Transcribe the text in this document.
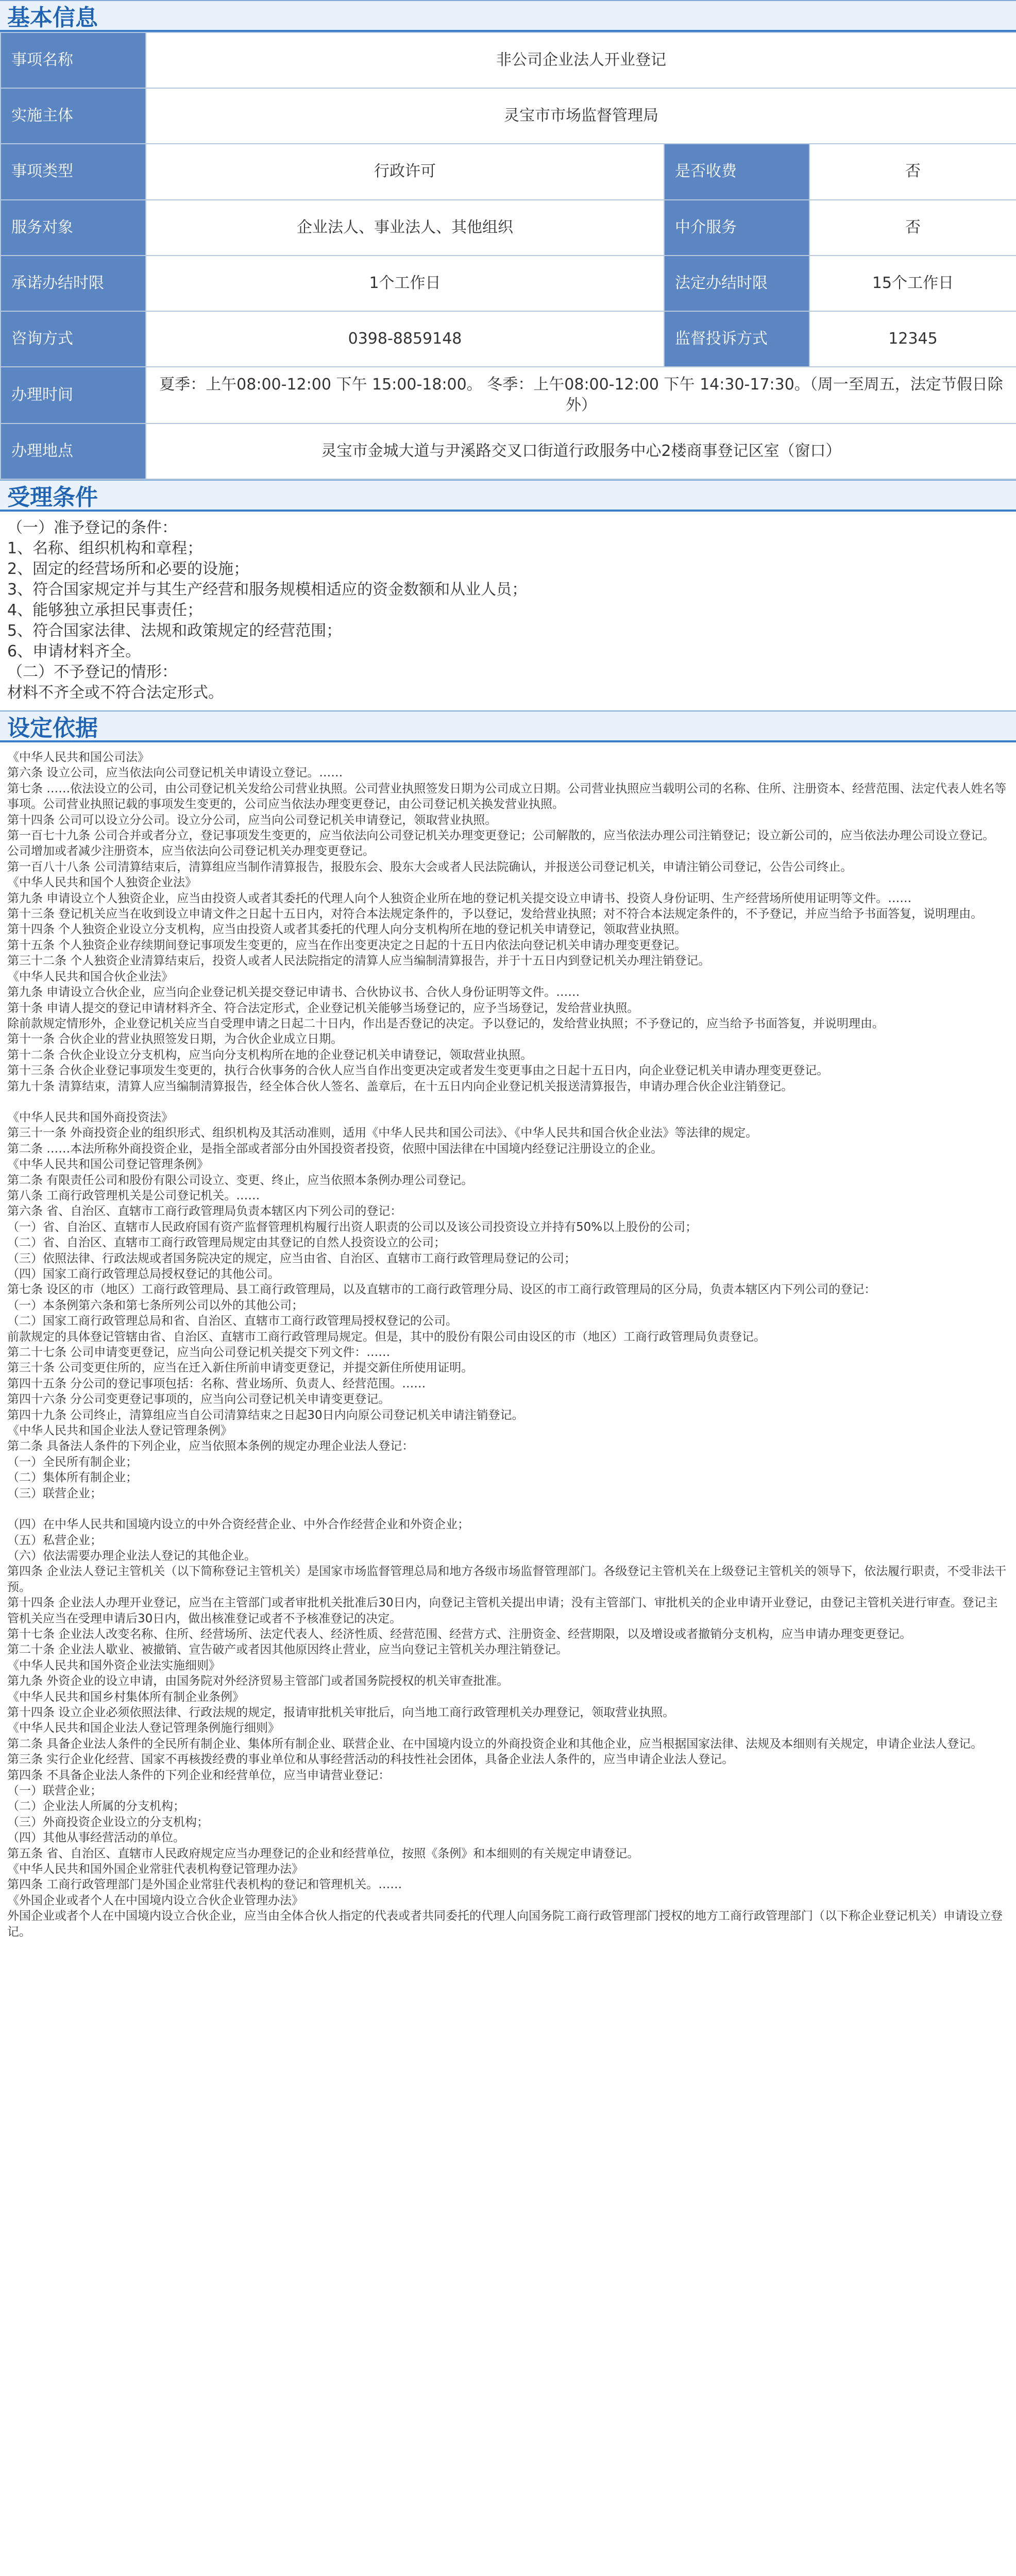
基本信息
事项名称	非公司企业法人开业登记		
实施主体	灵宝市市场监督管理局		
事项类型	行政许可	是否收费	否
服务对象	企业法人、事业法人、其他组织	中介服务	否
承诺办结时限	1个工作日	法定办结时限	15个工作日
咨询方式	0398-8859148	监督投诉方式	12345
办理时间	夏季：上午08:00-12:00 下午 15:00-18:00。 冬季：上午08:00-12:00 下午 14:30-17:30。（周一至周五，法定节假日除外）		
办理地点	灵宝市金城大道与尹溪路交叉口街道行政服务中心2楼商事登记区室（窗口）		
受理条件

（一）准予登记的条件：

1、名称、组织机构和章程；

2、固定的经营场所和必要的设施；

3、符合国家规定并与其生产经营和服务规模相适应的资金数额和从业人员；

4、能够独立承担民事责任；

5、符合国家法律、法规和政策规定的经营范围；

6、申请材料齐全。

（二）不予登记的情形：

材料不齐全或不符合法定形式。

设定依据

《中华人民共和国公司法》

第六条 设立公司，应当依法向公司登记机关申请设立登记。……

第七条 ……依法设立的公司，由公司登记机关发给公司营业执照。公司营业执照签发日期为公司成立日期。公司营业执照应当载明公司的名称、住所、注册资本、经营范围、法定代表人姓名等事项。公司营业执照记载的事项发生变更的，公司应当依法办理变更登记，由公司登记机关换发营业执照。

第十四条 公司可以设立分公司。设立分公司，应当向公司登记机关申请登记，领取营业执照。

第一百七十九条 公司合并或者分立，登记事项发生变更的，应当依法向公司登记机关办理变更登记；公司解散的，应当依法办理公司注销登记；设立新公司的，应当依法办理公司设立登记。

公司增加或者减少注册资本，应当依法向公司登记机关办理变更登记。

第一百八十八条 公司清算结束后，清算组应当制作清算报告，报股东会、股东大会或者人民法院确认，并报送公司登记机关，申请注销公司登记，公告公司终止。

《中华人民共和国个人独资企业法》

第九条 申请设立个人独资企业，应当由投资人或者其委托的代理人向个人独资企业所在地的登记机关提交设立申请书、投资人身份证明、生产经营场所使用证明等文件。……

第十三条 登记机关应当在收到设立申请文件之日起十五日内，对符合本法规定条件的，予以登记，发给营业执照；对不符合本法规定条件的，不予登记，并应当给予书面答复，说明理由。

第十四条 个人独资企业设立分支机构，应当由投资人或者其委托的代理人向分支机构所在地的登记机关申请登记，领取营业执照。

第十五条 个人独资企业存续期间登记事项发生变更的，应当在作出变更决定之日起的十五日内依法向登记机关申请办理变更登记。

第三十二条 个人独资企业清算结束后，投资人或者人民法院指定的清算人应当编制清算报告，并于十五日内到登记机关办理注销登记。

《中华人民共和国合伙企业法》

第九条 申请设立合伙企业，应当向企业登记机关提交登记申请书、合伙协议书、合伙人身份证明等文件。……

第十条 申请人提交的登记申请材料齐全、符合法定形式，企业登记机关能够当场登记的，应予当场登记，发给营业执照。

除前款规定情形外，企业登记机关应当自受理申请之日起二十日内，作出是否登记的决定。予以登记的，发给营业执照；不予登记的，应当给予书面答复，并说明理由。

第十一条 合伙企业的营业执照签发日期，为合伙企业成立日期。

第十二条 合伙企业设立分支机构，应当向分支机构所在地的企业登记机关申请登记，领取营业执照。

第十三条 合伙企业登记事项发生变更的，执行合伙事务的合伙人应当自作出变更决定或者发生变更事由之日起十五日内，向企业登记机关申请办理变更登记。

第九十条 清算结束，清算人应当编制清算报告，经全体合伙人签名、盖章后，在十五日内向企业登记机关报送清算报告，申请办理合伙企业注销登记。

《中华人民共和国外商投资法》

第三十一条 外商投资企业的组织形式、组织机构及其活动准则，适用《中华人民共和国公司法》、《中华人民共和国合伙企业法》等法律的规定。

第二条 ……本法所称外商投资企业，是指全部或者部分由外国投资者投资，依照中国法律在中国境内经登记注册设立的企业。

《中华人民共和国公司登记管理条例》

第二条 有限责任公司和股份有限公司设立、变更、终止，应当依照本条例办理公司登记。

第八条 工商行政管理机关是公司登记机关。……

第六条 省、自治区、直辖市工商行政管理局负责本辖区内下列公司的登记：

（一）省、自治区、直辖市人民政府国有资产监督管理机构履行出资人职责的公司以及该公司投资设立并持有50%以上股份的公司；

（二）省、自治区、直辖市工商行政管理局规定由其登记的自然人投资设立的公司；

（三）依照法律、行政法规或者国务院决定的规定，应当由省、自治区、直辖市工商行政管理局登记的公司；

（四）国家工商行政管理总局授权登记的其他公司。

第七条 设区的市（地区）工商行政管理局、县工商行政管理局，以及直辖市的工商行政管理分局、设区的市工商行政管理局的区分局，负责本辖区内下列公司的登记：

（一）本条例第六条和第七条所列公司以外的其他公司；

（二）国家工商行政管理总局和省、自治区、直辖市工商行政管理局授权登记的公司。

前款规定的具体登记管辖由省、自治区、直辖市工商行政管理局规定。但是，其中的股份有限公司由设区的市（地区）工商行政管理局负责登记。

第二十七条 公司申请变更登记，应当向公司登记机关提交下列文件：……

第三十条 公司变更住所的，应当在迁入新住所前申请变更登记，并提交新住所使用证明。

第四十五条 分公司的登记事项包括：名称、营业场所、负责人、经营范围。……

第四十六条 分公司变更登记事项的，应当向公司登记机关申请变更登记。

第四十九条 公司终止，清算组应当自公司清算结束之日起30日内向原公司登记机关申请注销登记。

《中华人民共和国企业法人登记管理条例》

第二条 具备法人条件的下列企业，应当依照本条例的规定办理企业法人登记：

（一）全民所有制企业；

（二）集体所有制企业；

（三）联营企业；

（四）在中华人民共和国境内设立的中外合资经营企业、中外合作经营企业和外资企业；

（五）私营企业；

（六）依法需要办理企业法人登记的其他企业。

第四条 企业法人登记主管机关（以下简称登记主管机关）是国家市场监督管理总局和地方各级市场监督管理部门。各级登记主管机关在上级登记主管机关的领导下，依法履行职责，不受非法干预。

第十四条 企业法人办理开业登记，应当在主管部门或者审批机关批准后30日内，向登记主管机关提出申请；没有主管部门、审批机关的企业申请开业登记，由登记主管机关进行审查。登记主管机关应当在受理申请后30日内，做出核准登记或者不予核准登记的决定。

第十七条 企业法人改变名称、住所、经营场所、法定代表人、经济性质、经营范围、经营方式、注册资金、经营期限，以及增设或者撤销分支机构，应当申请办理变更登记。

第二十条 企业法人歇业、被撤销、宣告破产或者因其他原因终止营业，应当向登记主管机关办理注销登记。

《中华人民共和国外资企业法实施细则》

第九条 外资企业的设立申请，由国务院对外经济贸易主管部门或者国务院授权的机关审查批准。

《中华人民共和国乡村集体所有制企业条例》

第十四条 设立企业必须依照法律、行政法规的规定，报请审批机关审批后，向当地工商行政管理机关办理登记，领取营业执照。

《中华人民共和国企业法人登记管理条例施行细则》

第二条 具备企业法人条件的全民所有制企业、集体所有制企业、联营企业、在中国境内设立的外商投资企业和其他企业，应当根据国家法律、法规及本细则有关规定，申请企业法人登记。

第三条 实行企业化经营、国家不再核拨经费的事业单位和从事经营活动的科技性社会团体，具备企业法人条件的，应当申请企业法人登记。

第四条 不具备企业法人条件的下列企业和经营单位，应当申请营业登记：

（一）联营企业；

（二）企业法人所属的分支机构；

（三）外商投资企业设立的分支机构；

（四）其他从事经营活动的单位。

第五条 省、自治区、直辖市人民政府规定应当办理登记的企业和经营单位，按照《条例》和本细则的有关规定申请登记。

《中华人民共和国外国企业常驻代表机构登记管理办法》

第四条 工商行政管理部门是外国企业常驻代表机构的登记和管理机关。……

《外国企业或者个人在中国境内设立合伙企业管理办法》

外国企业或者个人在中国境内设立合伙企业，应当由全体合伙人指定的代表或者共同委托的代理人向国务院工商行政管理部门授权的地方工商行政管理部门（以下称企业登记机关）申请设立登记。
